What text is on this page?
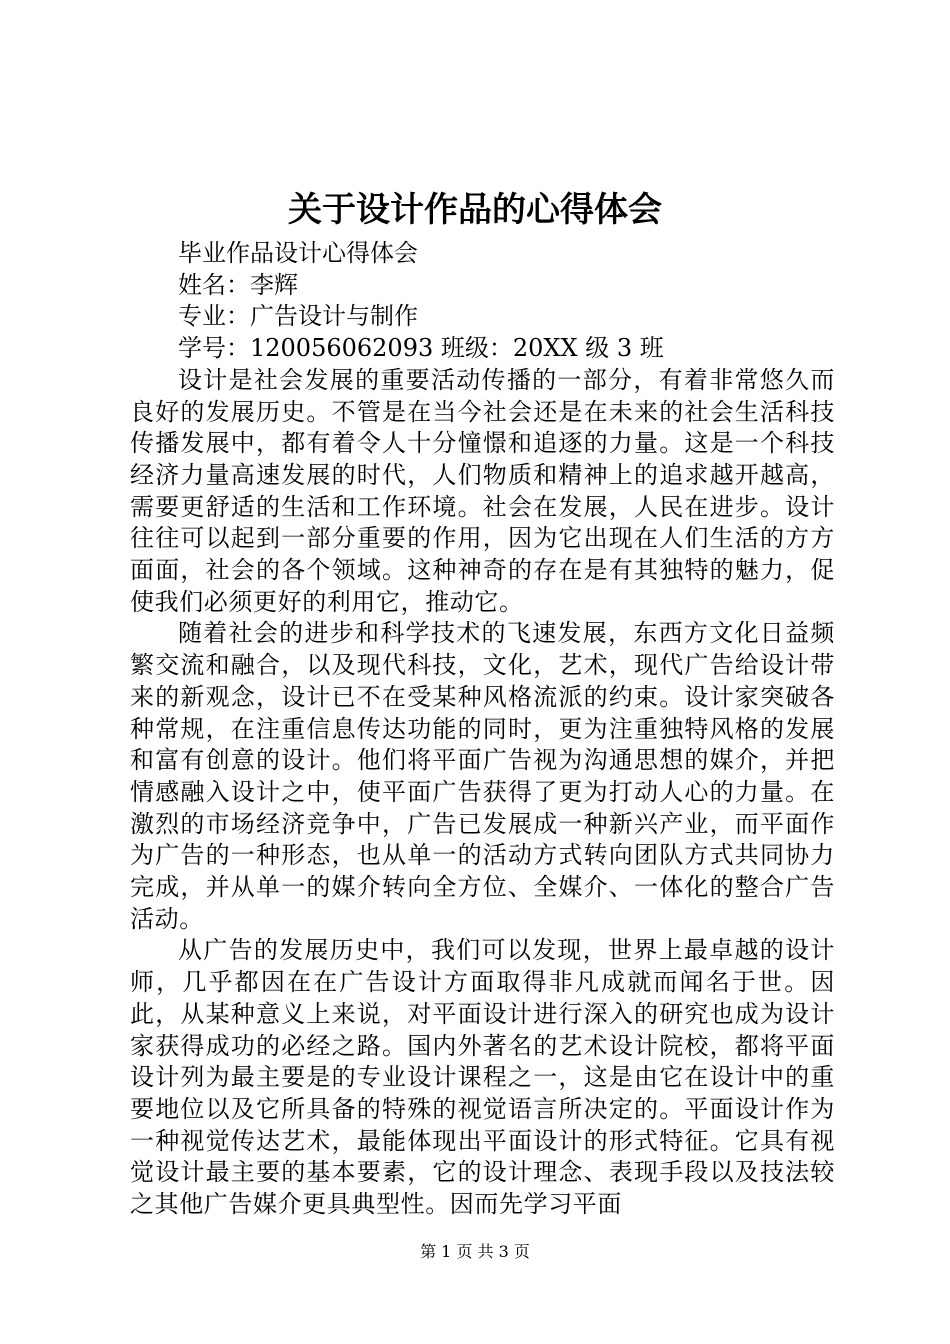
关于设计作品的心得体会

毕业作品设计心得体会

姓名：李辉

专业：广告设计与制作

学号：120056062093 班级：20XX 级 3 班

设计是社会发展的重要活动传播的一部分，有着非常悠久而良好的发展历史。不管是在当今社会还是在未来的社会生活科技传播发展中，都有着令人十分憧憬和追逐的力量。这是一个科技经济力量高速发展的时代，人们物质和精神上的追求越开越高，需要更舒适的生活和工作环境。社会在发展，人民在进步。设计往往可以起到一部分重要的作用，因为它出现在人们生活的方方面面，社会的各个领域。这种神奇的存在是有其独特的魅力，促使我们必须更好的利用它，推动它。

随着社会的进步和科学技术的飞速发展，东西方文化日益频繁交流和融合，以及现代科技，文化，艺术，现代广告给设计带来的新观念，设计已不在受某种风格流派的约束。设计家突破各种常规，在注重信息传达功能的同时，更为注重独特风格的发展和富有创意的设计。他们将平面广告视为沟通思想的媒介，并把情感融入设计之中，使平面广告获得了更为打动人心的力量。在激烈的市场经济竞争中，广告已发展成一种新兴产业，而平面作为广告的一种形态，也从单一的活动方式转向团队方式共同协力完成，并从单一的媒介转向全方位、全媒介、一体化的整合广告活动。

从广告的发展历史中，我们可以发现，世界上最卓越的设计师，几乎都因在在广告设计方面取得非凡成就而闻名于世。因此，从某种意义上来说，对平面设计进行深入的研究也成为设计家获得成功的必经之路。国内外著名的艺术设计院校，都将平面设计列为最主要是的专业设计课程之一，这是由它在设计中的重要地位以及它所具备的特殊的视觉语言所决定的。平面设计作为一种视觉传达艺术，最能体现出平面设计的形式特征。它具有视觉设计最主要的基本要素，它的设计理念、表现手段以及技法较之其他广告媒介更具典型性。因而先学习平面

第 1 页 共 3 页
